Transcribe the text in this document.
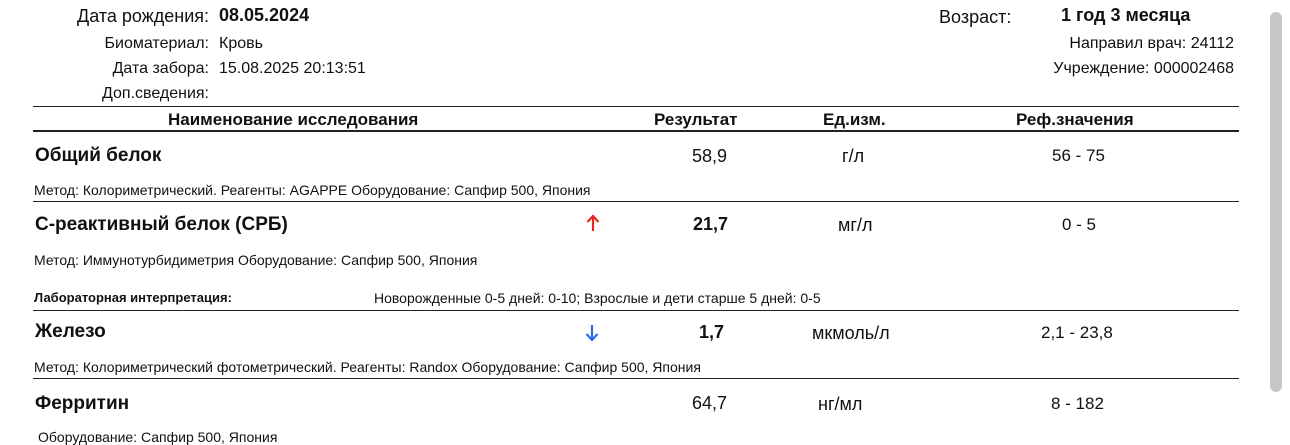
Дата рождения: 08.05.2024	Возраст:	1 год 3 месяца
Биоматериал: Кровь	Направил врач: 24112
Дата забора: 15.08.2025 20:13:51	Учреждение: 000002468
Доп.сведения:
Наименование исследования	Результат	Ед.изм.	Реф.значения
Общий белок	58,9	г/л	56 - 75
Метод: Колориметрический. Реагенты: AGAPPE Оборудование: Сапфир 500, Япония
С-реактивный белок (СРБ)	21,7	мг/л	0 - 5
Метод: Иммунотурбидиметрия Оборудование: Сапфир 500, Япония
Лабораторная интерпретация:	Новорожденные 0-5 дней: 0-10; Взрослые и дети старше 5 дней: 0-5
Железо	1,7	мкмоль/л	2,1 - 23,8
Метод: Колориметрический фотометрический. Реагенты: Randox Оборудование: Сапфир 500, Япония
Ферритин	64,7	нг/мл	8 - 182
Оборудование: Сапфир 500, Япония
